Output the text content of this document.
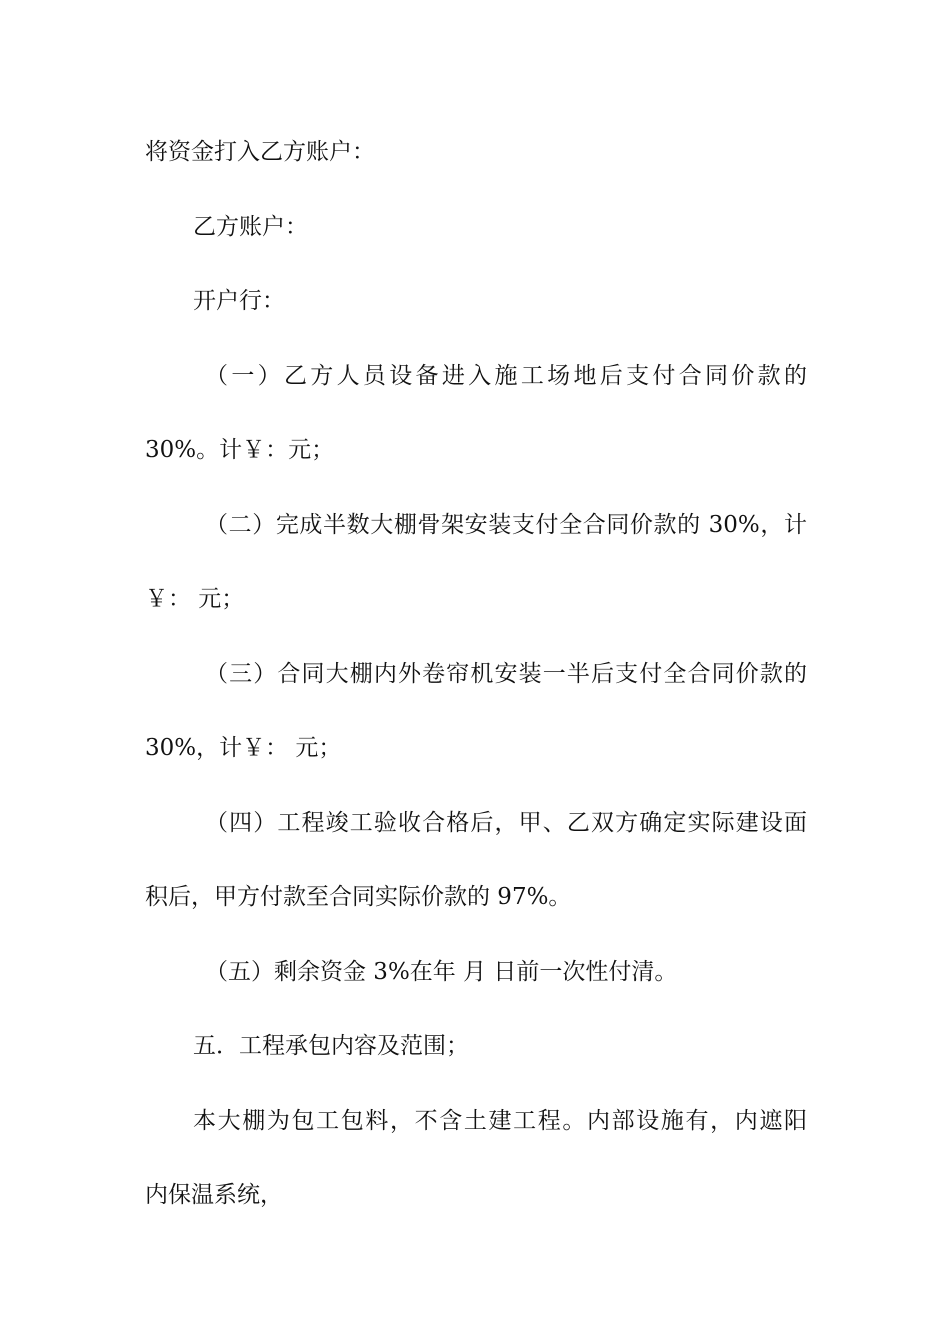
将资金打入乙方账户：
乙方账户：
开户行：
（一）乙方人员设备进入施工场地后支付合同价款的
30%。计￥：元；
（二）完成半数大棚骨架安装支付全合同价款的 30%，计
￥： 元；
（三）合同大棚内外卷帘机安装一半后支付全合同价款的
30%，计￥： 元；
（四）工程竣工验收合格后，甲、乙双方确定实际建设面
积后，甲方付款至合同实际价款的 97%。
（五）剩余资金 3%在年 月 日前一次性付清。
五．工程承包内容及范围；
本大棚为包工包料，不含土建工程。内部设施有，内遮阳
内保温系统，
